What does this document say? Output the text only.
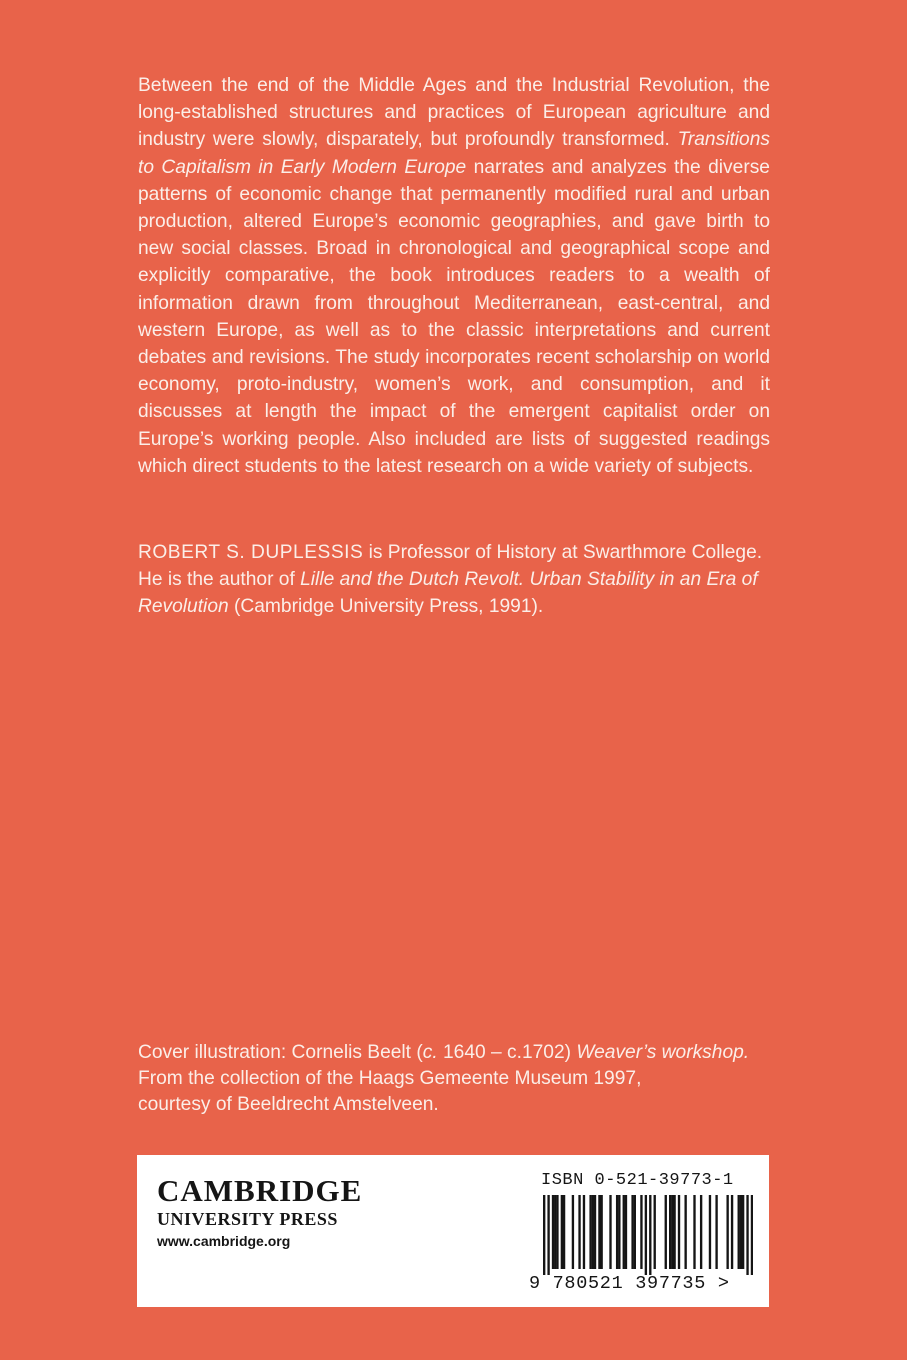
Between the end of the Middle Ages and the Industrial Revolution, the long-established structures and practices of European agriculture and industry were slowly, disparately, but profoundly transformed. Transitions to Capitalism in Early Modern Europe narrates and analyzes the diverse patterns of economic change that permanently modified rural and urban production, altered Europe’s economic geographies, and gave birth to new social classes. Broad in chronological and geographical scope and explicitly comparative, the book introduces readers to a wealth of information drawn from throughout Mediterranean, east-central, and western Europe, as well as to the classic interpretations and current debates and revisions. The study incorporates recent scholarship on world economy, proto-industry, women’s work, and consumption, and it discusses at length the impact of the emergent capitalist order on Europe’s working people. Also included are lists of suggested readings which direct students to the latest research on a wide variety of subjects.

ROBERT S. DUPLESSIS is Professor of History at Swarthmore College. He is the author of Lille and the Dutch Revolt. Urban Stability in an Era of Revolution (Cambridge University Press, 1991).
Cover illustration: Cornelis Beelt (c. 1640 – c.1702) Weaver’s workshop.
From the collection of the Haags Gemeente Museum 1997,
courtesy of Beeldrecht Amstelveen.
CAMBRIDGE
UNIVERSITY PRESS
www.cambridge.org
ISBN 0-521-39773-1
9 780521 397735 >
